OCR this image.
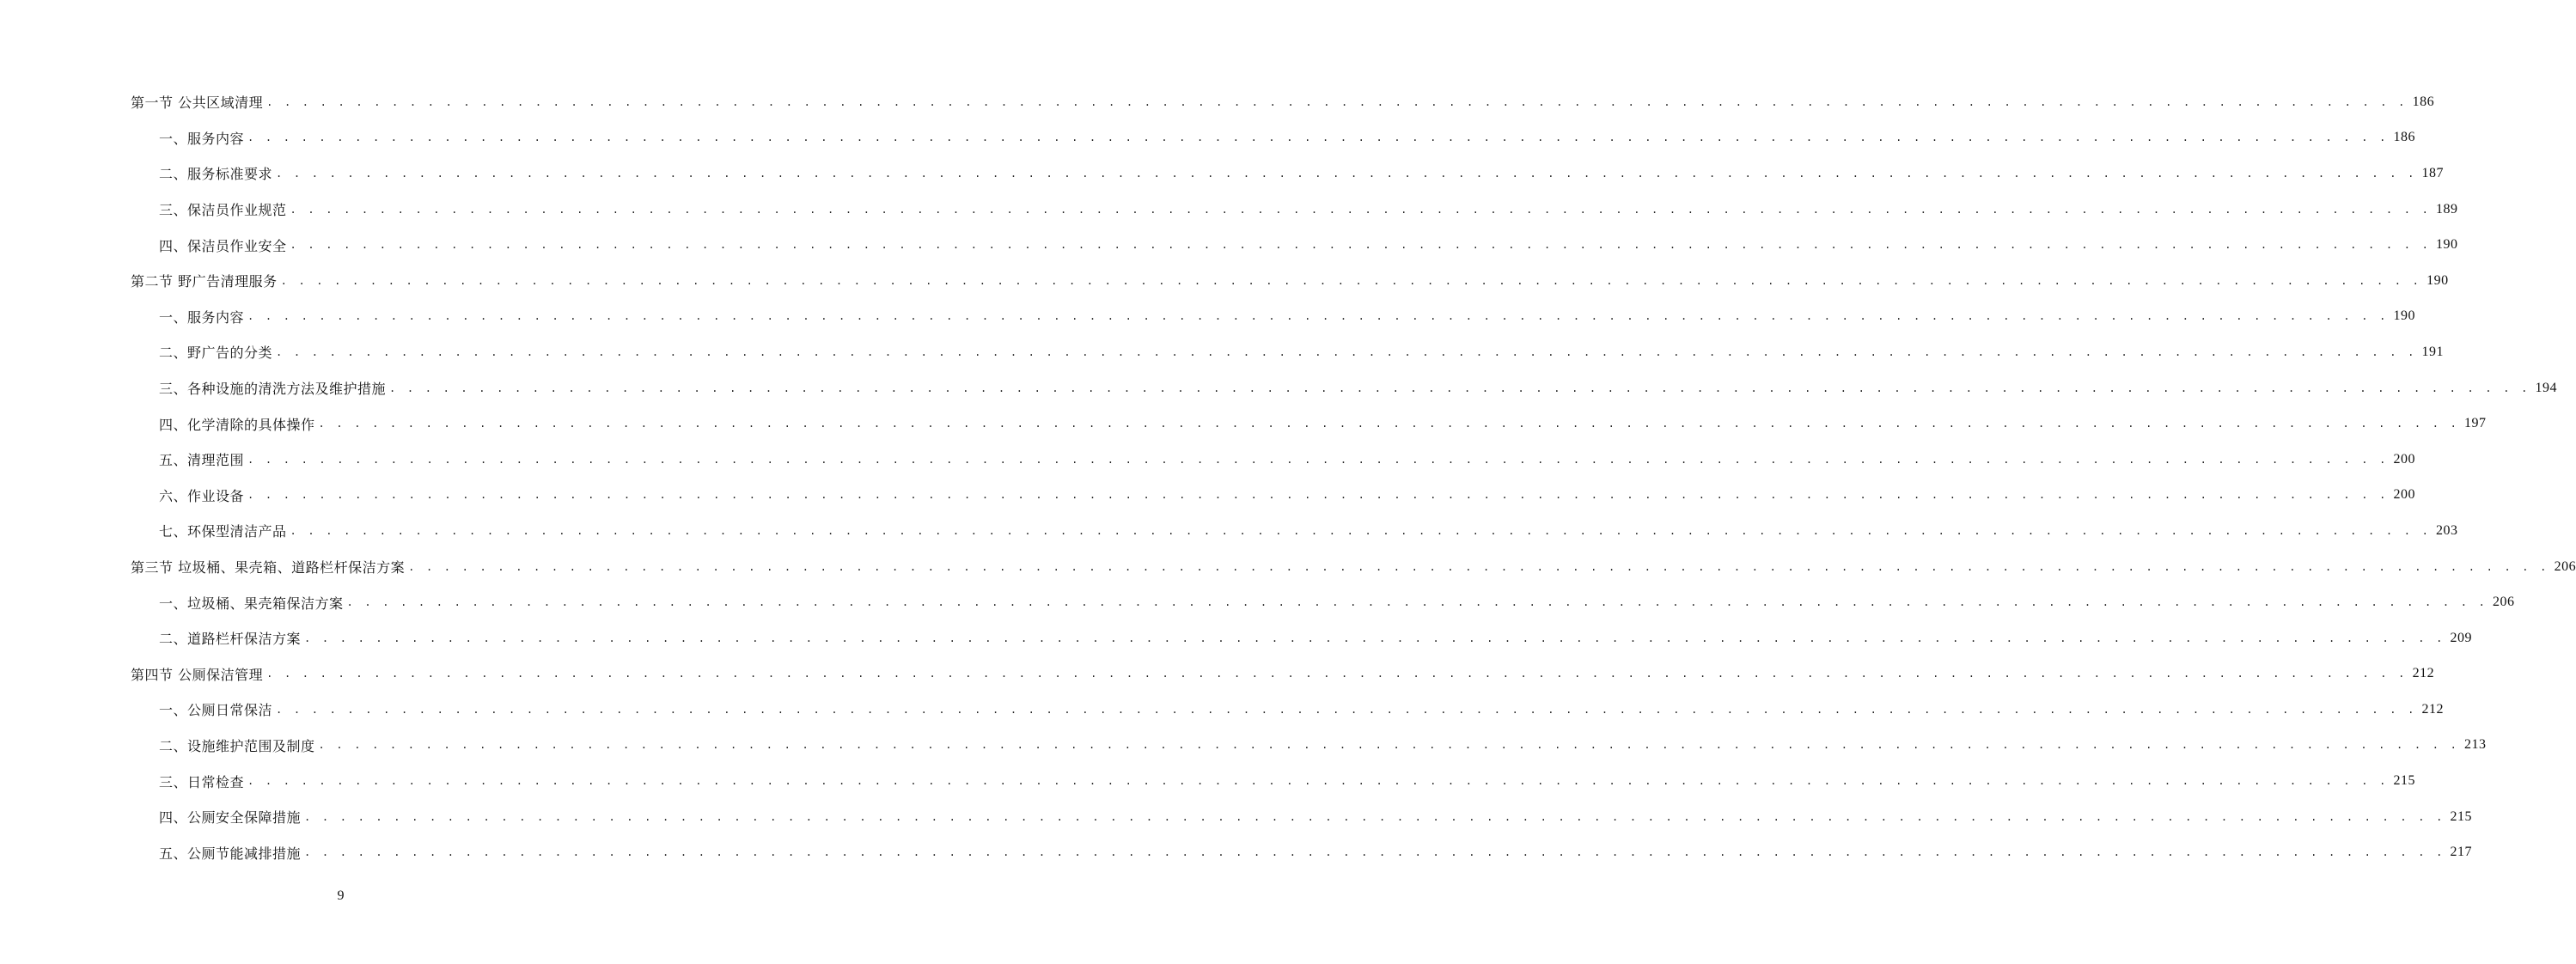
第一节 公共区域清理 . . . . . . . . . . . . . . . . . . . . . . . . . . . . . . . . . . . . . . . . . . . . . . . . . . . . . . . . . . . . . . . . . . . . . . . . . . . . . . . . . . . . . . . . . . . . . . . . . . . . . . . . . . . . . . . . . . . . . . . . 186
一、服务内容 . . . . . . . . . . . . . . . . . . . . . . . . . . . . . . . . . . . . . . . . . . . . . . . . . . . . . . . . . . . . . . . . . . . . . . . . . . . . . . . . . . . . . . . . . . . . . . . . . . . . . . . . . . . . . . . . . . . . . . . . 186
二、服务标准要求 . . . . . . . . . . . . . . . . . . . . . . . . . . . . . . . . . . . . . . . . . . . . . . . . . . . . . . . . . . . . . . . . . . . . . . . . . . . . . . . . . . . . . . . . . . . . . . . . . . . . . . . . . . . . . . . . . . . . . . . . 187
三、保洁员作业规范 . . . . . . . . . . . . . . . . . . . . . . . . . . . . . . . . . . . . . . . . . . . . . . . . . . . . . . . . . . . . . . . . . . . . . . . . . . . . . . . . . . . . . . . . . . . . . . . . . . . . . . . . . . . . . . . . . . . . . . . . 189
四、保洁员作业安全 . . . . . . . . . . . . . . . . . . . . . . . . . . . . . . . . . . . . . . . . . . . . . . . . . . . . . . . . . . . . . . . . . . . . . . . . . . . . . . . . . . . . . . . . . . . . . . . . . . . . . . . . . . . . . . . . . . . . . . . . 190
第二节 野广告清理服务 . . . . . . . . . . . . . . . . . . . . . . . . . . . . . . . . . . . . . . . . . . . . . . . . . . . . . . . . . . . . . . . . . . . . . . . . . . . . . . . . . . . . . . . . . . . . . . . . . . . . . . . . . . . . . . . . . . . . . . . . 190
一、服务内容 . . . . . . . . . . . . . . . . . . . . . . . . . . . . . . . . . . . . . . . . . . . . . . . . . . . . . . . . . . . . . . . . . . . . . . . . . . . . . . . . . . . . . . . . . . . . . . . . . . . . . . . . . . . . . . . . . . . . . . . . 190
二、野广告的分类 . . . . . . . . . . . . . . . . . . . . . . . . . . . . . . . . . . . . . . . . . . . . . . . . . . . . . . . . . . . . . . . . . . . . . . . . . . . . . . . . . . . . . . . . . . . . . . . . . . . . . . . . . . . . . . . . . . . . . . . . 191
三、各种设施的清洗方法及维护措施 . . . . . . . . . . . . . . . . . . . . . . . . . . . . . . . . . . . . . . . . . . . . . . . . . . . . . . . . . . . . . . . . . . . . . . . . . . . . . . . . . . . . . . . . . . . . . . . . . . . . . . . . . . . . . . . . . . . . . . . . 194
四、化学清除的具体操作 . . . . . . . . . . . . . . . . . . . . . . . . . . . . . . . . . . . . . . . . . . . . . . . . . . . . . . . . . . . . . . . . . . . . . . . . . . . . . . . . . . . . . . . . . . . . . . . . . . . . . . . . . . . . . . . . . . . . . . . . 197
五、清理范围 . . . . . . . . . . . . . . . . . . . . . . . . . . . . . . . . . . . . . . . . . . . . . . . . . . . . . . . . . . . . . . . . . . . . . . . . . . . . . . . . . . . . . . . . . . . . . . . . . . . . . . . . . . . . . . . . . . . . . . . . 200
六、作业设备 . . . . . . . . . . . . . . . . . . . . . . . . . . . . . . . . . . . . . . . . . . . . . . . . . . . . . . . . . . . . . . . . . . . . . . . . . . . . . . . . . . . . . . . . . . . . . . . . . . . . . . . . . . . . . . . . . . . . . . . . 200
七、环保型清洁产品 . . . . . . . . . . . . . . . . . . . . . . . . . . . . . . . . . . . . . . . . . . . . . . . . . . . . . . . . . . . . . . . . . . . . . . . . . . . . . . . . . . . . . . . . . . . . . . . . . . . . . . . . . . . . . . . . . . . . . . . . 203
第三节 垃圾桶、果壳箱、道路栏杆保洁方案 . . . . . . . . . . . . . . . . . . . . . . . . . . . . . . . . . . . . . . . . . . . . . . . . . . . . . . . . . . . . . . . . . . . . . . . . . . . . . . . . . . . . . . . . . . . . . . . . . . . . . . . . . . . . . . . . . . . . . . . . 206
一、垃圾桶、果壳箱保洁方案 . . . . . . . . . . . . . . . . . . . . . . . . . . . . . . . . . . . . . . . . . . . . . . . . . . . . . . . . . . . . . . . . . . . . . . . . . . . . . . . . . . . . . . . . . . . . . . . . . . . . . . . . . . . . . . . . . . . . . . . . 206
二、道路栏杆保洁方案 . . . . . . . . . . . . . . . . . . . . . . . . . . . . . . . . . . . . . . . . . . . . . . . . . . . . . . . . . . . . . . . . . . . . . . . . . . . . . . . . . . . . . . . . . . . . . . . . . . . . . . . . . . . . . . . . . . . . . . . . 209
第四节 公厕保洁管理 . . . . . . . . . . . . . . . . . . . . . . . . . . . . . . . . . . . . . . . . . . . . . . . . . . . . . . . . . . . . . . . . . . . . . . . . . . . . . . . . . . . . . . . . . . . . . . . . . . . . . . . . . . . . . . . . . . . . . . . . 212
一、公厕日常保洁 . . . . . . . . . . . . . . . . . . . . . . . . . . . . . . . . . . . . . . . . . . . . . . . . . . . . . . . . . . . . . . . . . . . . . . . . . . . . . . . . . . . . . . . . . . . . . . . . . . . . . . . . . . . . . . . . . . . . . . . . 212
二、设施维护范围及制度 . . . . . . . . . . . . . . . . . . . . . . . . . . . . . . . . . . . . . . . . . . . . . . . . . . . . . . . . . . . . . . . . . . . . . . . . . . . . . . . . . . . . . . . . . . . . . . . . . . . . . . . . . . . . . . . . . . . . . . . . 213
三、日常检查 . . . . . . . . . . . . . . . . . . . . . . . . . . . . . . . . . . . . . . . . . . . . . . . . . . . . . . . . . . . . . . . . . . . . . . . . . . . . . . . . . . . . . . . . . . . . . . . . . . . . . . . . . . . . . . . . . . . . . . . . 215
四、公厕安全保障措施 . . . . . . . . . . . . . . . . . . . . . . . . . . . . . . . . . . . . . . . . . . . . . . . . . . . . . . . . . . . . . . . . . . . . . . . . . . . . . . . . . . . . . . . . . . . . . . . . . . . . . . . . . . . . . . . . . . . . . . . . 215
五、公厕节能减排措施 . . . . . . . . . . . . . . . . . . . . . . . . . . . . . . . . . . . . . . . . . . . . . . . . . . . . . . . . . . . . . . . . . . . . . . . . . . . . . . . . . . . . . . . . . . . . . . . . . . . . . . . . . . . . . . . . . . . . . . . . 217
9
